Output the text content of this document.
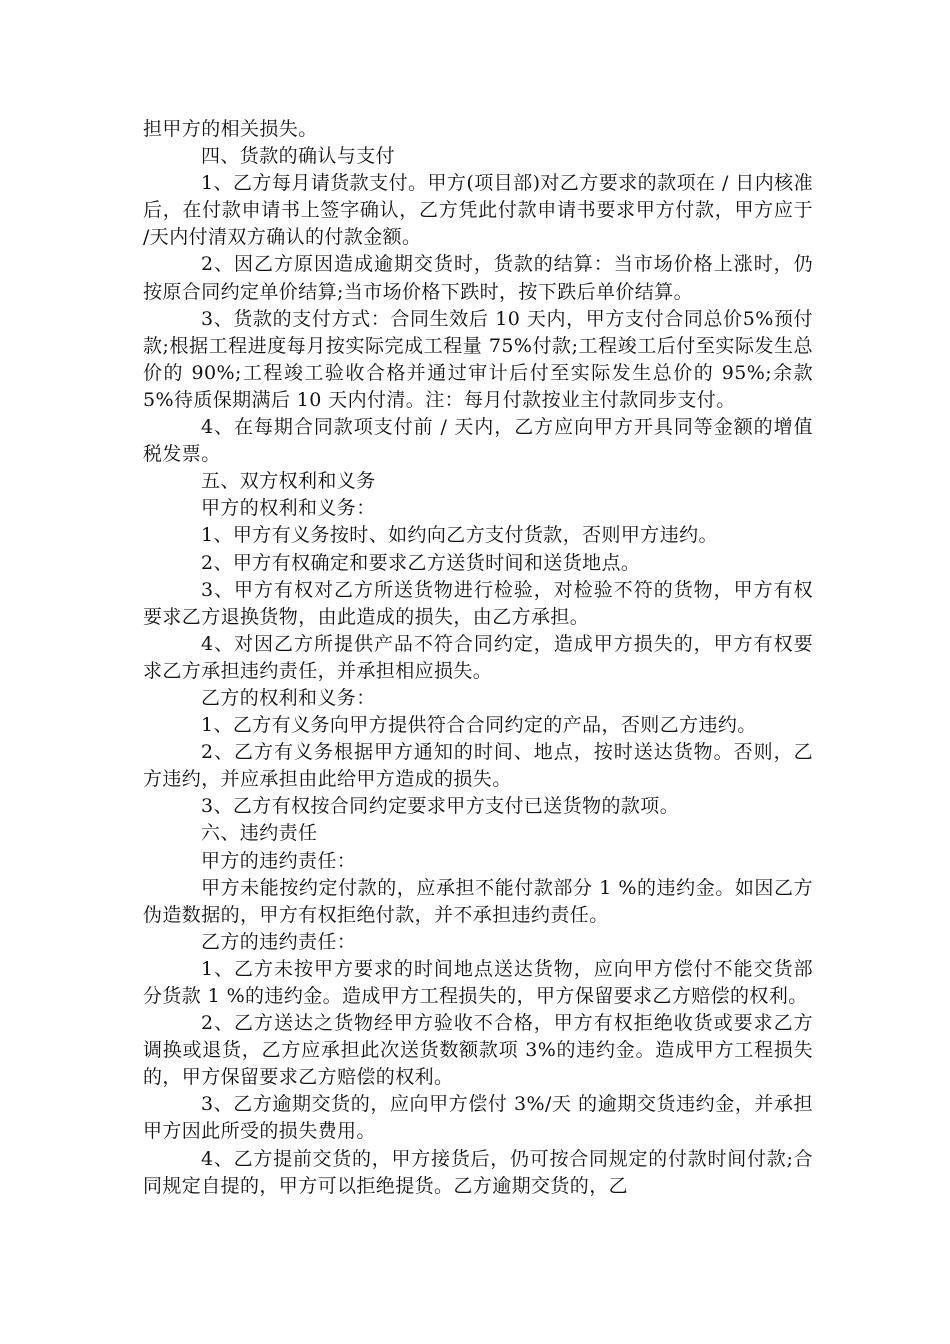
担甲方的相关损失。

四、货款的确认与支付

1、乙方每月请货款支付。甲方(项目部)对乙方要求的款项在 / 日内核准后，在付款申请书上签字确认，乙方凭此付款申请书要求甲方付款，甲方应于 /天内付清双方确认的付款金额。

2、因乙方原因造成逾期交货时，货款的结算：当市场价格上涨时，仍按原合同约定单价结算;当市场价格下跌时，按下跌后单价结算。

3、货款的支付方式：合同生效后 10 天内，甲方支付合同总价5%预付款;根据工程进度每月按实际完成工程量 75%付款;工程竣工后付至实际发生总价的 90%;工程竣工验收合格并通过审计后付至实际发生总价的 95%;余款 5%待质保期满后 10 天内付清。注：每月付款按业主付款同步支付。

4、在每期合同款项支付前 / 天内，乙方应向甲方开具同等金额的增值税发票。

五、双方权利和义务

甲方的权利和义务：

1、甲方有义务按时、如约向乙方支付货款，否则甲方违约。

2、甲方有权确定和要求乙方送货时间和送货地点。

3、甲方有权对乙方所送货物进行检验，对检验不符的货物，甲方有权要求乙方退换货物，由此造成的损失，由乙方承担。

4、对因乙方所提供产品不符合同约定，造成甲方损失的，甲方有权要求乙方承担违约责任，并承担相应损失。

乙方的权利和义务：

1、乙方有义务向甲方提供符合合同约定的产品，否则乙方违约。

2、乙方有义务根据甲方通知的时间、地点，按时送达货物。否则，乙方违约，并应承担由此给甲方造成的损失。

3、乙方有权按合同约定要求甲方支付已送货物的款项。

六、违约责任

甲方的违约责任：

甲方未能按约定付款的，应承担不能付款部分 1 %的违约金。如因乙方伪造数据的，甲方有权拒绝付款，并不承担违约责任。

乙方的违约责任：

1、乙方未按甲方要求的时间地点送达货物，应向甲方偿付不能交货部分货款 1 %的违约金。造成甲方工程损失的，甲方保留要求乙方赔偿的权利。

2、乙方送达之货物经甲方验收不合格，甲方有权拒绝收货或要求乙方调换或退货，乙方应承担此次送货数额款项 3%的违约金。造成甲方工程损失的，甲方保留要求乙方赔偿的权利。

3、乙方逾期交货的，应向甲方偿付 3%/天 的逾期交货违约金，并承担甲方因此所受的损失费用。

4、乙方提前交货的，甲方接货后，仍可按合同规定的付款时间付款;合同规定自提的，甲方可以拒绝提货。乙方逾期交货的，乙
